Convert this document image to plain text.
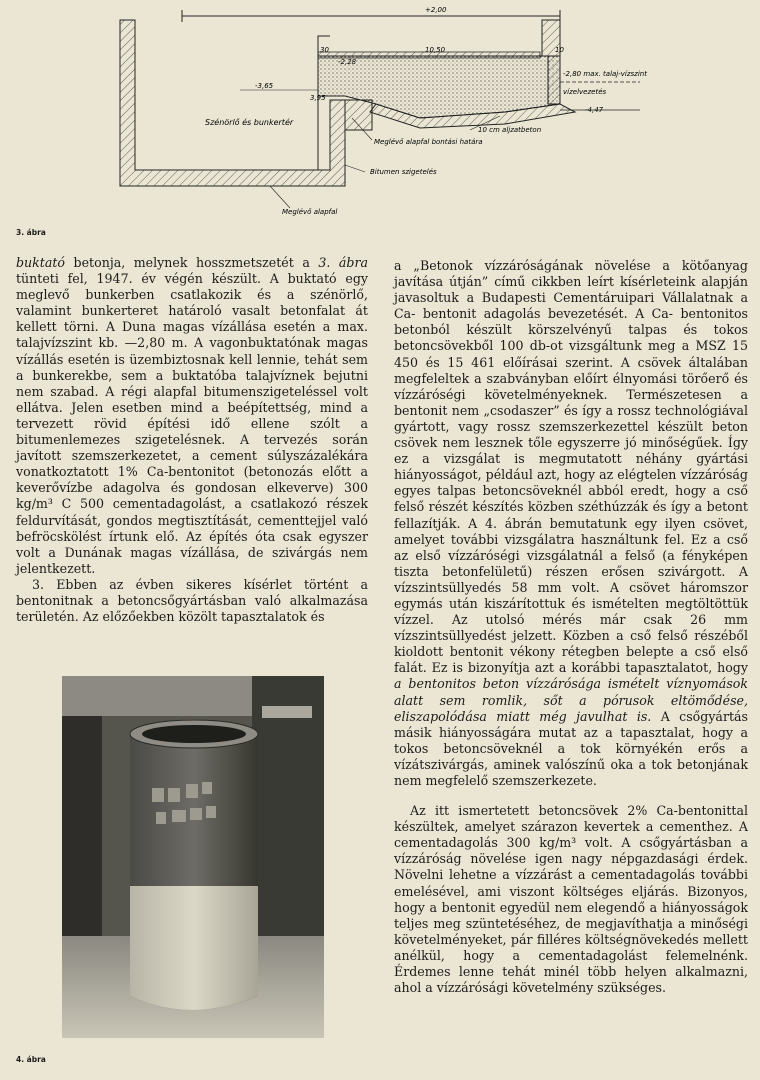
+2,00
10
30	10,50
-2,28
-3,65
3,95
-2,80 max. talaj-vízszint
vízelvezetés
-4,47
Szénörlő és bunkertér
Meglévő alapfal bontási határa
10 cm aljzatbeton
Bitumen szigetelés
Meglévő alapfal
3. ábra

buktató betonja, melynek hosszmetszetét a 3. ábra tünteti fel, 1947. év végén készült. A buktató egy meglevő bunkerben csatlakozik és a szénörlő, valamint bunkerteret határoló vasalt betonfalat át kellett törni. A Duna magas vízállása esetén a max. talajvízszint kb. —2,80 m. A vagonbuktatónak magas vízállás esetén is üzembiztosnak kell lennie, tehát sem a bunkerekbe, sem a buktatóba talajvíznek bejutni nem szabad. A régi alapfal bitumenszigeteléssel volt ellátva. Jelen esetben mind a beépítettség, mind a tervezett rövid építési idő ellene szólt a bitumenlemezes szigetelésnek. A tervezés során javított szemszerkezetet, a cement súlyszázalékára vonatkoztatott 1% Ca-bentonitot (betonozás előtt a keverővízbe adagolva és gondosan elkeverve) 300 kg/m³ C 500 cementadagolást, a csatlakozó részek feldurvítását, gondos megtisztítását, cementtejjel való befröcskölést írtunk elő. Az építés óta csak egyszer volt a Dunának magas vízállása, de szivárgás nem jelentkezett.

3. Ebben az évben sikeres kísérlet történt a bentonitnak a betoncsőgyártásban való alkalmazása területén. Az előzőekben közölt tapasztalatok és

4. ábra

a „Betonok vízzáróságának növelése a kötőanyag javítása útján” című cikkben leírt kísérleteink alapján javasoltuk a Budapesti Cementáruipari Vállalatnak a Ca- bentonit adagolás bevezetését. A Ca- bentonitos betonból készült körszelvényű talpas és tokos betoncsövekből 100 db-ot vizsgáltunk meg a MSZ 15 450 és 15 461 előírásai szerint. A csövek általában megfeleltek a szabványban előírt élnyomási törőerő és vízzáróségi követelményeknek. Természetesen a bentonit nem „csodaszer” és így a rossz technológiával gyártott, vagy rossz szemszerkezettel készült beton csövek nem lesznek tőle egyszerre jó minőségűek. Így ez a vizsgálat is megmutatott néhány gyártási hiányosságot, például azt, hogy az elégtelen vízzáróság egyes talpas betoncsöveknél abból eredt, hogy a cső felső részét készítés közben széthúzzák és így a betont fellazítják. A 4. ábrán bemutatunk egy ilyen csövet, amelyet további vizsgálatra használtunk fel. Ez a cső az első vízzáróségi vizsgálatnál a felső (a fényképen tiszta betonfelületű) részen erősen szivárgott. A vízszintsüllyedés 58 mm volt. A csövet háromszor egymás után kiszárítottuk és ismételten megtöltöttük vízzel. Az utolsó mérés már csak 26 mm vízszintsüllyedést jelzett. Közben a cső felső részéből kioldott bentonit vékony rétegben belepte a cső első falát. Ez is bizonyítja azt a korábbi tapasztalatot, hogy a bentonitos beton vízzárósága ismételt víznyomások alatt sem romlik, sőt a pórusok eltömődése, eliszapolódása miatt még javulhat is. A csőgyártás másik hiányosságára mutat az a tapasztalat, hogy a tokos betoncsöveknél a tok környékén erős a vízátszivárgás, aminek valószínű oka a tok betonjának nem megfelelő szemszerkezete.

Az itt ismertetett betoncsövek 2% Ca-bentonittal készültek, amelyet szárazon kevertek a cementhez. A cementadagolás 300 kg/m³ volt. A csőgyártásban a vízzáróság növelése igen nagy népgazdasági érdek. Növelni lehetne a vízzárást a cementadagolás további emelésével, ami viszont költséges eljárás. Bizonyos, hogy a bentonit egyedül nem elegendő a hiányosságok teljes meg szüntetéséhez, de megjavíthatja a minőségi követelményeket, pár filléres költségnövekedés mellett anélkül, hogy a cementadagolást felemelnénk. Érdemes lenne tehát minél több helyen alkalmazni, ahol a vízzárósági követelmény szükséges.
